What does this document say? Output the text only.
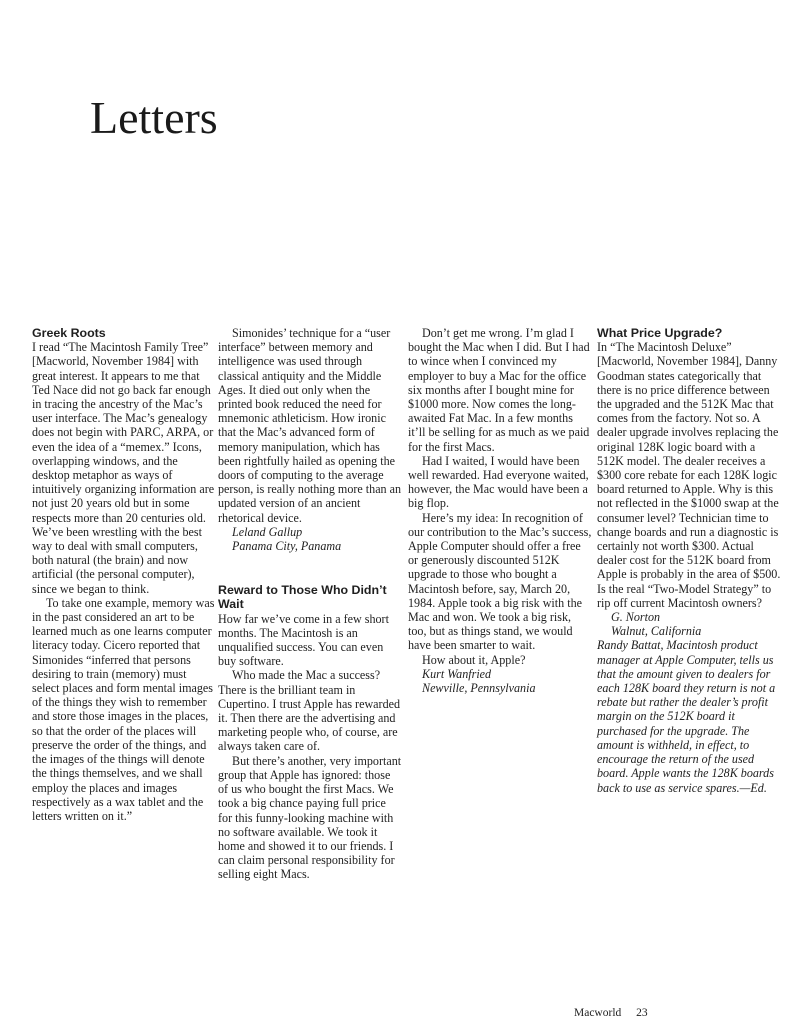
Letters
Greek Roots

I read “The Macintosh Family Tree” [Macworld, November 1984] with great interest. It appears to me that Ted Nace did not go back far enough in tracing the ancestry of the Mac’s user interface. The Mac’s genealogy does not begin with PARC, ARPA, or even the idea of a “memex.” Icons, overlapping windows, and the desktop metaphor as ways of intuitively organizing information are not just 20 years old but in some respects more than 20 centuries old. We’ve been wrestling with the best way to deal with small computers, both natural (the brain) and now artificial (the personal computer), since we began to think.

To take one example, memory was in the past considered an art to be learned much as one learns computer literacy today. Cicero reported that Simonides “inferred that persons desiring to train (memory) must select places and form mental images of the things they wish to remember and store those images in the places, so that the order of the places will preserve the order of the things, and the images of the things will denote the things themselves, and we shall employ the places and images respectively as a wax tablet and the letters written on it.”

Simonides’ technique for a “user interface” between memory and intelligence was used through classical antiquity and the Middle Ages. It died out only when the printed book reduced the need for mnemonic athleticism. How ironic that the Mac’s advanced form of memory manipulation, which has been rightfully hailed as opening the doors of computing to the average person, is really nothing more than an updated version of an ancient rhetorical device.

Leland Gallup

Panama City, Panama

Reward to Those Who Didn’t Wait

How far we’ve come in a few short months. The Macintosh is an unqualified success. You can even buy software.

Who made the Mac a success? There is the brilliant team in Cupertino. I trust Apple has rewarded it. Then there are the advertising and marketing people who, of course, are always taken care of.

But there’s another, very important group that Apple has ignored: those of us who bought the first Macs. We took a big chance paying full price for this funny-looking machine with no software available. We took it home and showed it to our friends. I can claim personal responsibility for selling eight Macs.

Don’t get me wrong. I’m glad I bought the Mac when I did. But I had to wince when I convinced my employer to buy a Mac for the office six months after I bought mine for $1000 more. Now comes the long-awaited Fat Mac. In a few months it’ll be selling for as much as we paid for the first Macs.

Had I waited, I would have been well rewarded. Had everyone waited, however, the Mac would have been a big flop.

Here’s my idea: In recognition of our contribution to the Mac’s success, Apple Computer should offer a free or generously discounted 512K upgrade to those who bought a Macintosh before, say, March 20, 1984. Apple took a big risk with the Mac and won. We took a big risk, too, but as things stand, we would have been smarter to wait.

How about it, Apple?

Kurt Wanfried

Newville, Pennsylvania

What Price Upgrade?

In “The Macintosh Deluxe” [Macworld, November 1984], Danny Goodman states categorically that there is no price difference between the upgraded and the 512K Mac that comes from the factory. Not so. A dealer upgrade involves replacing the original 128K logic board with a 512K model. The dealer receives a $300 core rebate for each 128K logic board returned to Apple. Why is this not reflected in the $1000 swap at the consumer level? Technician time to change boards and run a diagnostic is certainly not worth $300. Actual dealer cost for the 512K board from Apple is probably in the area of $500. Is the real “Two-Model Strategy” to rip off current Macintosh owners?

G. Norton

Walnut, California

Randy Battat, Macintosh product manager at Apple Computer, tells us that the amount given to dealers for each 128K board they return is not a rebate but rather the dealer’s profit margin on the 512K board it purchased for the upgrade. The amount is withheld, in effect, to encourage the return of the used board. Apple wants the 128K boards back to use as service spares.—Ed.

Macworld 23
